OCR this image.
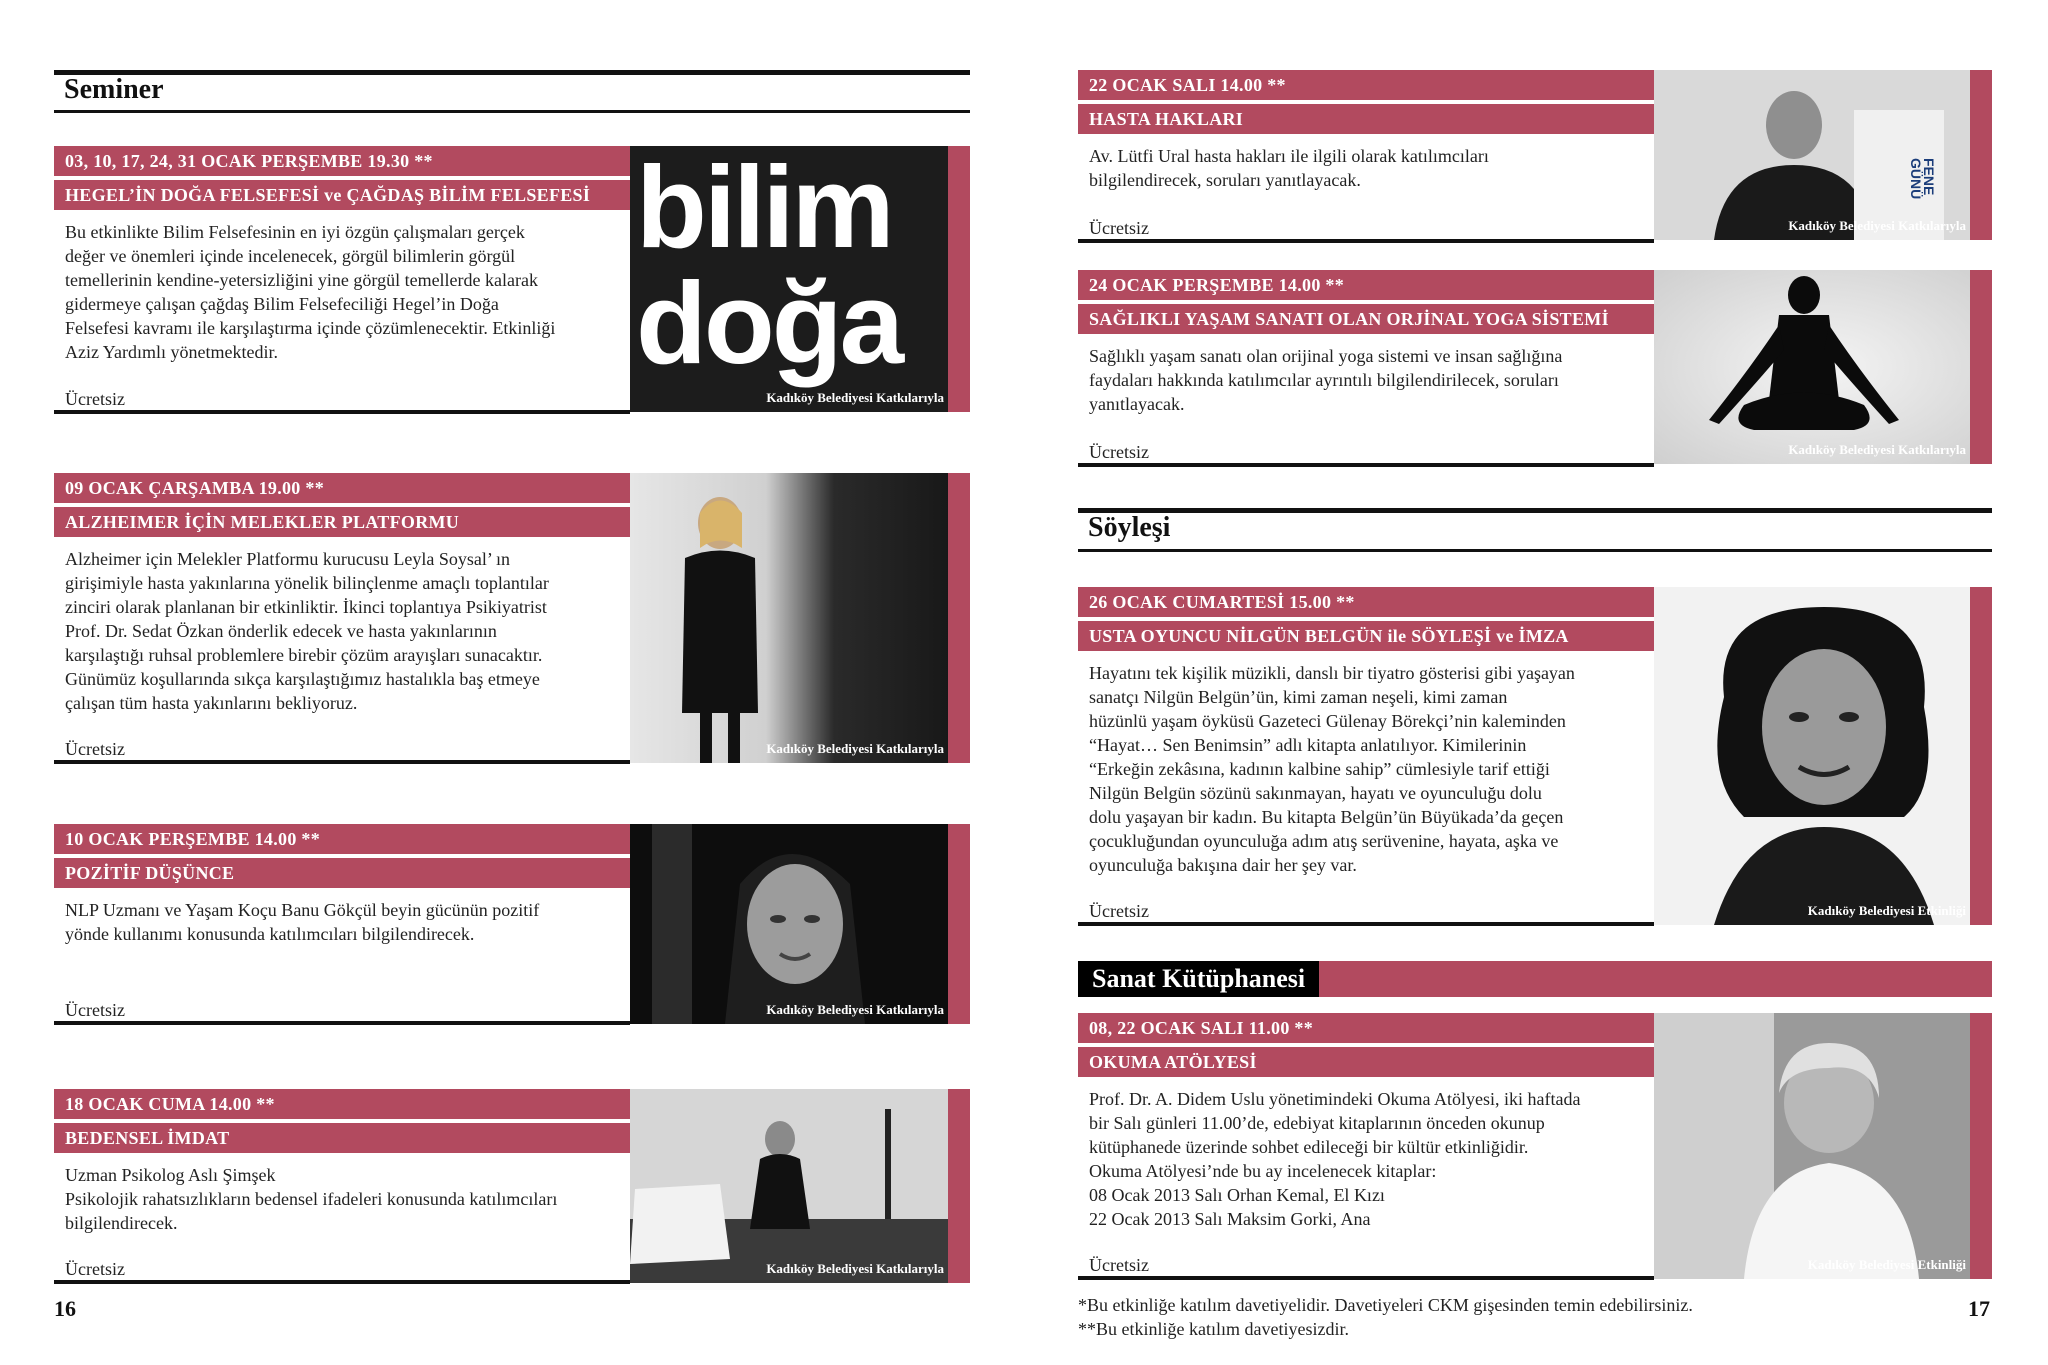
Seminer
03, 10, 17, 24, 31 OCAK PERŞEMBE 19.30 **
HEGEL’İN DOĞA FELSEFESİ ve ÇAĞDAŞ BİLİM FELSEFESİ
Bu etkinlikte Bilim Felsefesinin en iyi özgün çalışmaları gerçek
değer ve önemleri içinde incelenecek, görgül bilimlerin görgül
temellerinin kendine-yetersizliğini yine görgül temellerde kalarak
gidermeye çalışan çağdaş Bilim Felsefeciliği Hegel’in Doğa
Felsefesi kavramı ile karşılaştırma içinde çözümlenecektir. Etkinliği
Aziz Yardımlı yönetmektedir.
Ücretsiz
bilim
doğa
Kadıköy Belediyesi Katkılarıyla
09 OCAK ÇARŞAMBA 19.00 **
ALZHEIMER İÇİN MELEKLER PLATFORMU
Alzheimer için Melekler Platformu kurucusu Leyla Soysal’ ın
girişimiyle hasta yakınlarına yönelik bilinçlenme amaçlı toplantılar
zinciri olarak planlanan bir etkinliktir. İkinci toplantıya Psikiyatrist
Prof. Dr. Sedat Özkan önderlik edecek ve hasta yakınlarının
karşılaştığı ruhsal problemlere birebir çözüm arayışları sunacaktır.
Günümüz koşullarında sıkça karşılaştığımız hastalıkla baş etmeye
çalışan tüm hasta yakınlarını bekliyoruz.
Ücretsiz	Kadıköy Belediyesi Katkılarıyla
10 OCAK PERŞEMBE 14.00 **
POZİTİF DÜŞÜNCE
NLP Uzmanı ve Yaşam Koçu Banu Gökçül beyin gücünün pozitif
yönde kullanımı konusunda katılımcıları bilgilendirecek.
Ücretsiz	Kadıköy Belediyesi Katkılarıyla
18 OCAK CUMA 14.00 **
BEDENSEL İMDAT
Uzman Psikolog Aslı Şimşek
Psikolojik rahatsızlıkların bedensel ifadeleri konusunda katılımcıları
bilgilendirecek.
Ücretsiz	Kadıköy Belediyesi Katkılarıyla
16
22 OCAK SALI 14.00 **
HASTA HAKLARI
Av. Lütfi Ural hasta hakları ile ilgili olarak katılımcıları
bilgilendirecek, soruları yanıtlayacak.
Ücretsiz
FENE
GÜNÜ
Kadıköy Belediyesi Katkılarıyla
24 OCAK PERŞEMBE 14.00 **
SAĞLIKLI YAŞAM SANATI OLAN ORJİNAL YOGA SİSTEMİ
Sağlıklı yaşam sanatı olan orijinal yoga sistemi ve insan sağlığına
faydaları hakkında katılımcılar ayrıntılı bilgilendirilecek, soruları
yanıtlayacak.
Ücretsiz	Kadıköy Belediyesi Katkılarıyla
Söyleşi
26 OCAK CUMARTESİ 15.00 **
USTA OYUNCU NİLGÜN BELGÜN ile SÖYLEŞİ ve İMZA
Hayatını tek kişilik müzikli, danslı bir tiyatro gösterisi gibi yaşayan
sanatçı Nilgün Belgün’ün, kimi zaman neşeli, kimi zaman
hüzünlü yaşam öyküsü Gazeteci Gülenay Börekçi’nin kaleminden
“Hayat… Sen Benimsin” adlı kitapta anlatılıyor. Kimilerinin
“Erkeğin zekâsına, kadının kalbine sahip” cümlesiyle tarif ettiği
Nilgün Belgün sözünü sakınmayan, hayatı ve oyunculuğu dolu
dolu yaşayan bir kadın. Bu kitapta Belgün’ün Büyükada’da geçen
çocukluğundan oyunculuğa adım atış serüvenine, hayata, aşka ve
oyunculuğa bakışına dair her şey var.
Ücretsiz	Kadıköy Belediyesi Etkinliği
Sanat Kütüphanesi
08, 22 OCAK SALI 11.00 **
OKUMA ATÖLYESİ
Prof. Dr. A. Didem Uslu yönetimindeki Okuma Atölyesi, iki haftada
bir Salı günleri 11.00’de, edebiyat kitaplarının önceden okunup
kütüphanede üzerinde sohbet edileceği bir kültür etkinliğidir.
Okuma Atölyesi’nde bu ay incelenecek kitaplar:
08 Ocak 2013 Salı Orhan Kemal, El Kızı
22 Ocak 2013 Salı Maksim Gorki, Ana
Ücretsiz	Kadıköy Belediyesi Etkinliği
*Bu etkinliğe katılım davetiyelidir. Davetiyeleri CKM gişesinden temin edebilirsiniz.
**Bu etkinliğe katılım davetiyesizdir.
17
